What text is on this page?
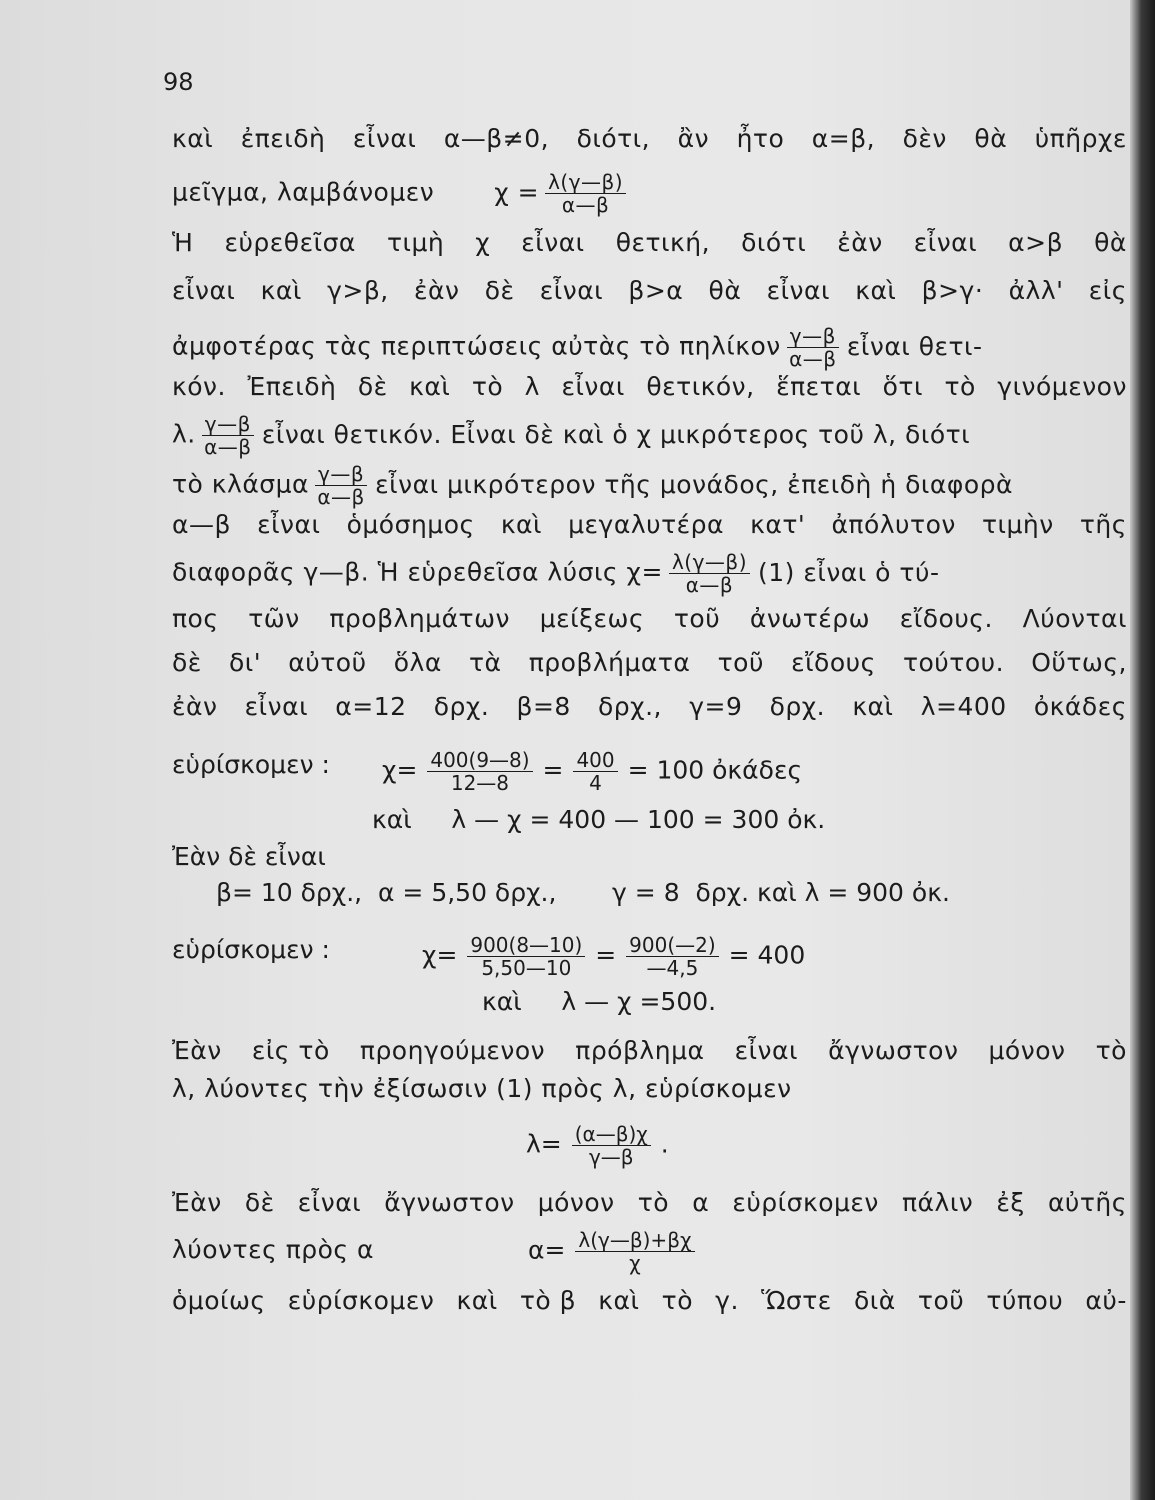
98
καὶ ἐπειδὴ εἶναι α—β≠0, διότι, ἂν ἦτο α=β, δὲν θὰ ὑπῆρχε
μεῖγμα, λαμβάνομεν $\chi = \frac{\lambda(\gamma—\beta)}{\alpha—\beta}$
Ἡ εὑρεθεῖσα τιμὴ χ εἶναι θετική, διότι ἐὰν εἶναι α>β θὰ
εἶναι καὶ γ>β, ἐὰν δὲ εἶναι β>α θὰ εἶναι καὶ β>γ· ἀλλ' εἰς
ἀμφοτέρας τὰς περιπτώσεις αὐτὰς τὸ πηλίκον $\frac{\gamma—\beta}{\alpha—\beta}$ εἶναι θετι-
κόν. Ἐπειδὴ δὲ καὶ τὸ λ εἶναι θετικόν, ἕπεται ὅτι τὸ γινόμενον
λ. $\frac{\gamma—\beta}{\alpha—\beta}$ εἶναι θετικόν. Εἶναι δὲ καὶ ὁ χ μικρότερος τοῦ λ, διότι
τὸ κλάσμα $\frac{\gamma—\beta}{\alpha—\beta}$ εἶναι μικρότερον τῆς μονάδος, ἐπειδὴ ἡ διαφορὰ
α—β εἶναι ὁμόσημος καὶ μεγαλυτέρα κατ' ἀπόλυτον τιμὴν τῆς
διαφορᾶς γ—β. Ἡ εὑρεθεῖσα λύσις $\chi= \frac{\lambda(\gamma—\beta)}{\alpha—\beta} (1)$ εἶναι ὁ τύ-
πος τῶν προβλημάτων μείξεως τοῦ ἀνωτέρω εἴδους. Λύονται
δὲ δι' αὐτοῦ ὅλα τὰ προβλήματα τοῦ εἴδους τούτου. Οὕτως,
ἐὰν εἶναι α=12 δρχ. β=8 δρχ., γ=9 δρχ. καὶ λ=400 ὀκάδες
εὑρίσκομεν : $\chi= \frac{400(9—8)}{12—8} = \frac{400}{4} = 100$ ὀκάδες
καὶ     λ — χ = 400 — 100 = 300 ὀκ.
Ἐὰν δὲ εἶναι
β= 10 δρχ.,  α = 5,50 δρχ.,       γ = 8  δρχ. καὶ λ = 900 ὀκ.
εὑρίσκομεν :	$\chi= \frac{900(8—10)}{5,50—10} = \frac{900(—2)}{—4,5} = 400$
καὶ     λ — χ =500.
Ἐὰν εἰς τὸ προηγούμενον πρόβλημα εἶναι ἄγνωστον μόνον τὸ
λ, λύοντες τὴν ἐξίσωσιν (1) πρὸς λ, εὑρίσκομεν
$\lambda= \frac{(\alpha—\beta)\chi}{\gamma—\beta}$ .
Ἐὰν δὲ εἶναι ἄγνωστον μόνον τὸ α εὑρίσκομεν πάλιν ἐξ αὐτῆς
λύοντες πρὸς α	$\alpha= \frac{\lambda(\gamma—\beta)+\beta\chi}{\chi}$
ὁμοίως εὑρίσκομεν καὶ τὸ β καὶ τὸ γ. Ὥστε διὰ τοῦ τύπου αὐ-
